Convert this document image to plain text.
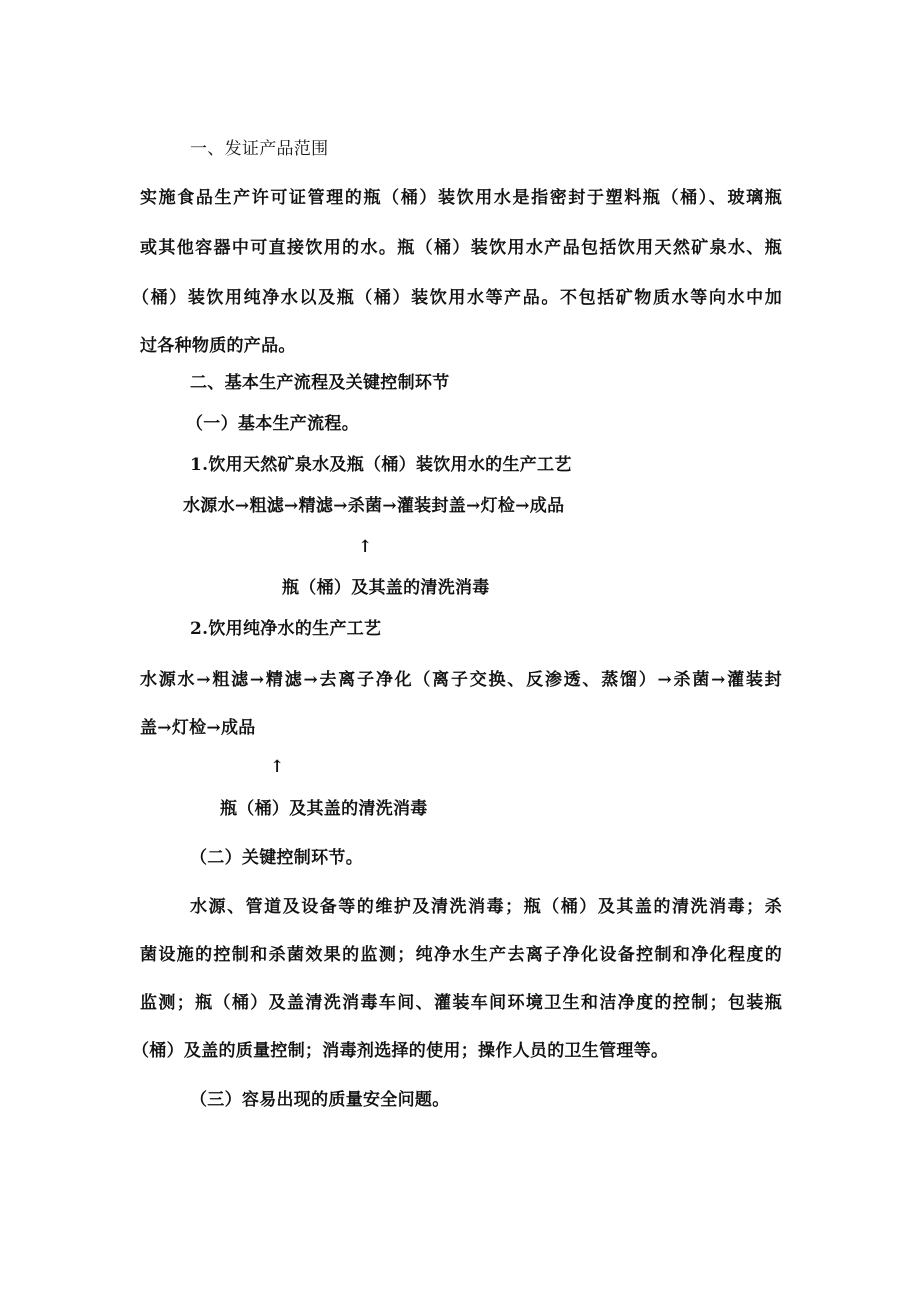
一、发证产品范围
实施食品生产许可证管理的瓶（桶）装饮用水是指密封于塑料瓶（桶）、玻璃瓶
或其他容器中可直接饮用的水。瓶（桶）装饮用水产品包括饮用天然矿泉水、瓶
（桶）装饮用纯净水以及瓶（桶）装饮用水等产品。不包括矿物质水等向水中加
过各种物质的产品。
二、基本生产流程及关键控制环节
（一）基本生产流程。
1.饮用天然矿泉水及瓶（桶）装饮用水的生产工艺
水源水→粗滤→精滤→杀菌→灌装封盖→灯检→成品
↑
瓶（桶）及其盖的清洗消毒
2.饮用纯净水的生产工艺
水源水→粗滤→精滤→去离子净化（离子交换、反渗透、蒸馏）→杀菌→灌装封
盖→灯检→成品
↑
瓶（桶）及其盖的清洗消毒
（二）关键控制环节。
水源、管道及设备等的维护及清洗消毒；瓶（桶）及其盖的清洗消毒；杀
菌设施的控制和杀菌效果的监测；纯净水生产去离子净化设备控制和净化程度的
监测；瓶（桶）及盖清洗消毒车间、灌装车间环境卫生和洁净度的控制；包装瓶
（桶）及盖的质量控制；消毒剂选择的使用；操作人员的卫生管理等。
（三）容易出现的质量安全问题。
